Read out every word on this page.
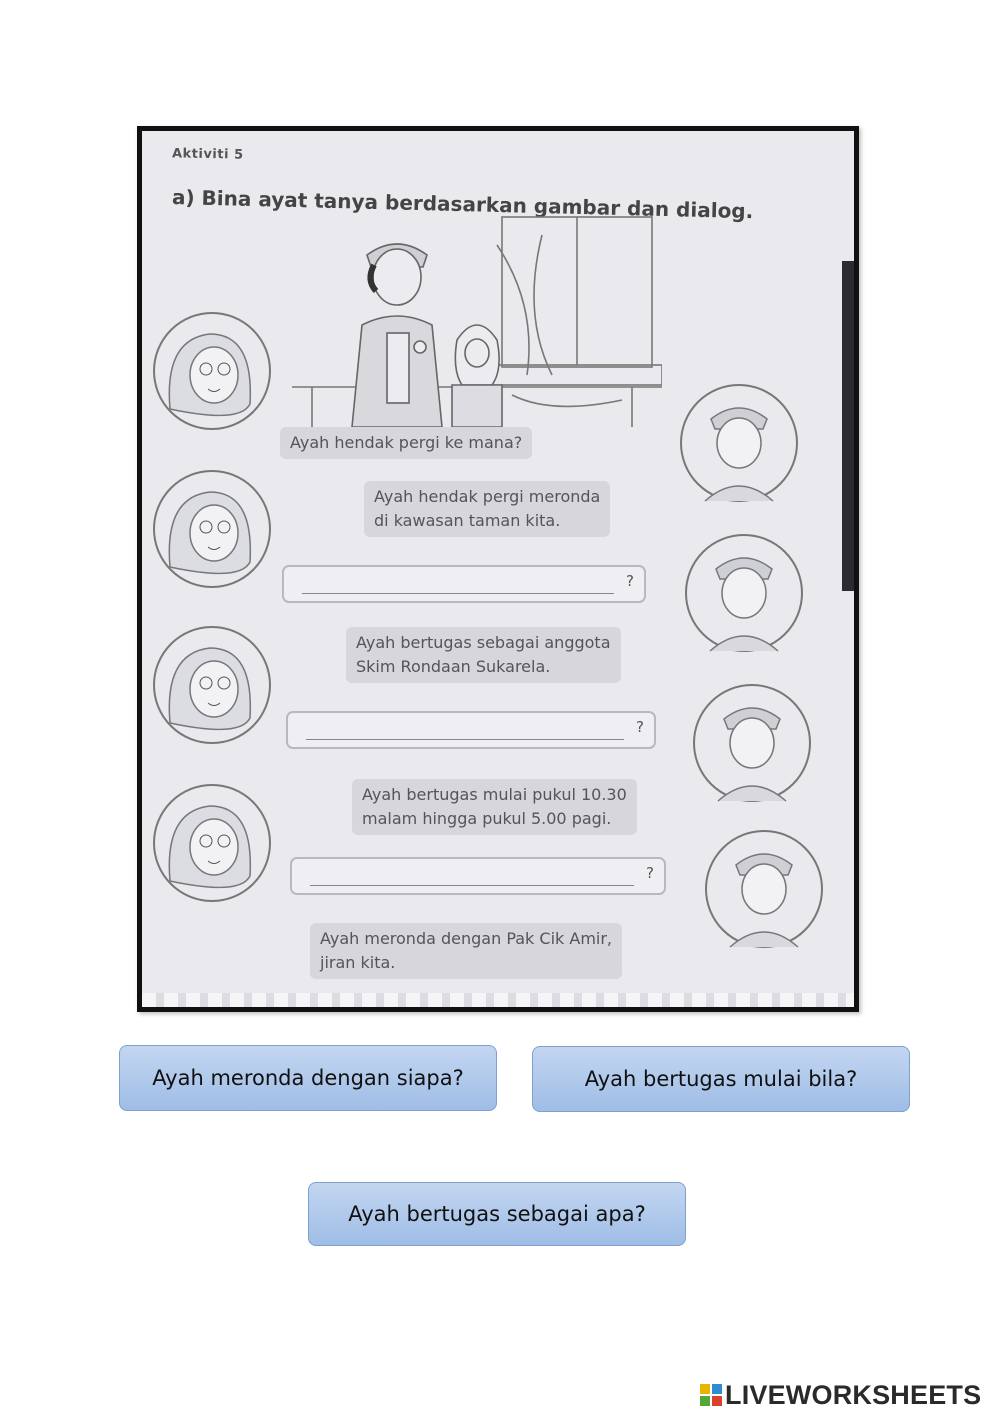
Aktiviti 5
a) Bina ayat tanya berdasarkan gambar dan dialog.
Ayah hendak pergi ke mana?
Ayah hendak pergi meronda
di kawasan taman kita.
?
Ayah bertugas sebagai anggota
Skim Rondaan Sukarela.
?
Ayah bertugas mulai pukul 10.30
malam hingga pukul 5.00 pagi.
?
Ayah meronda dengan Pak Cik Amir,
jiran kita.
Ayah meronda dengan siapa?	Ayah bertugas mulai bila?
Ayah bertugas sebagai apa?
LIVEWORKSHEETS
